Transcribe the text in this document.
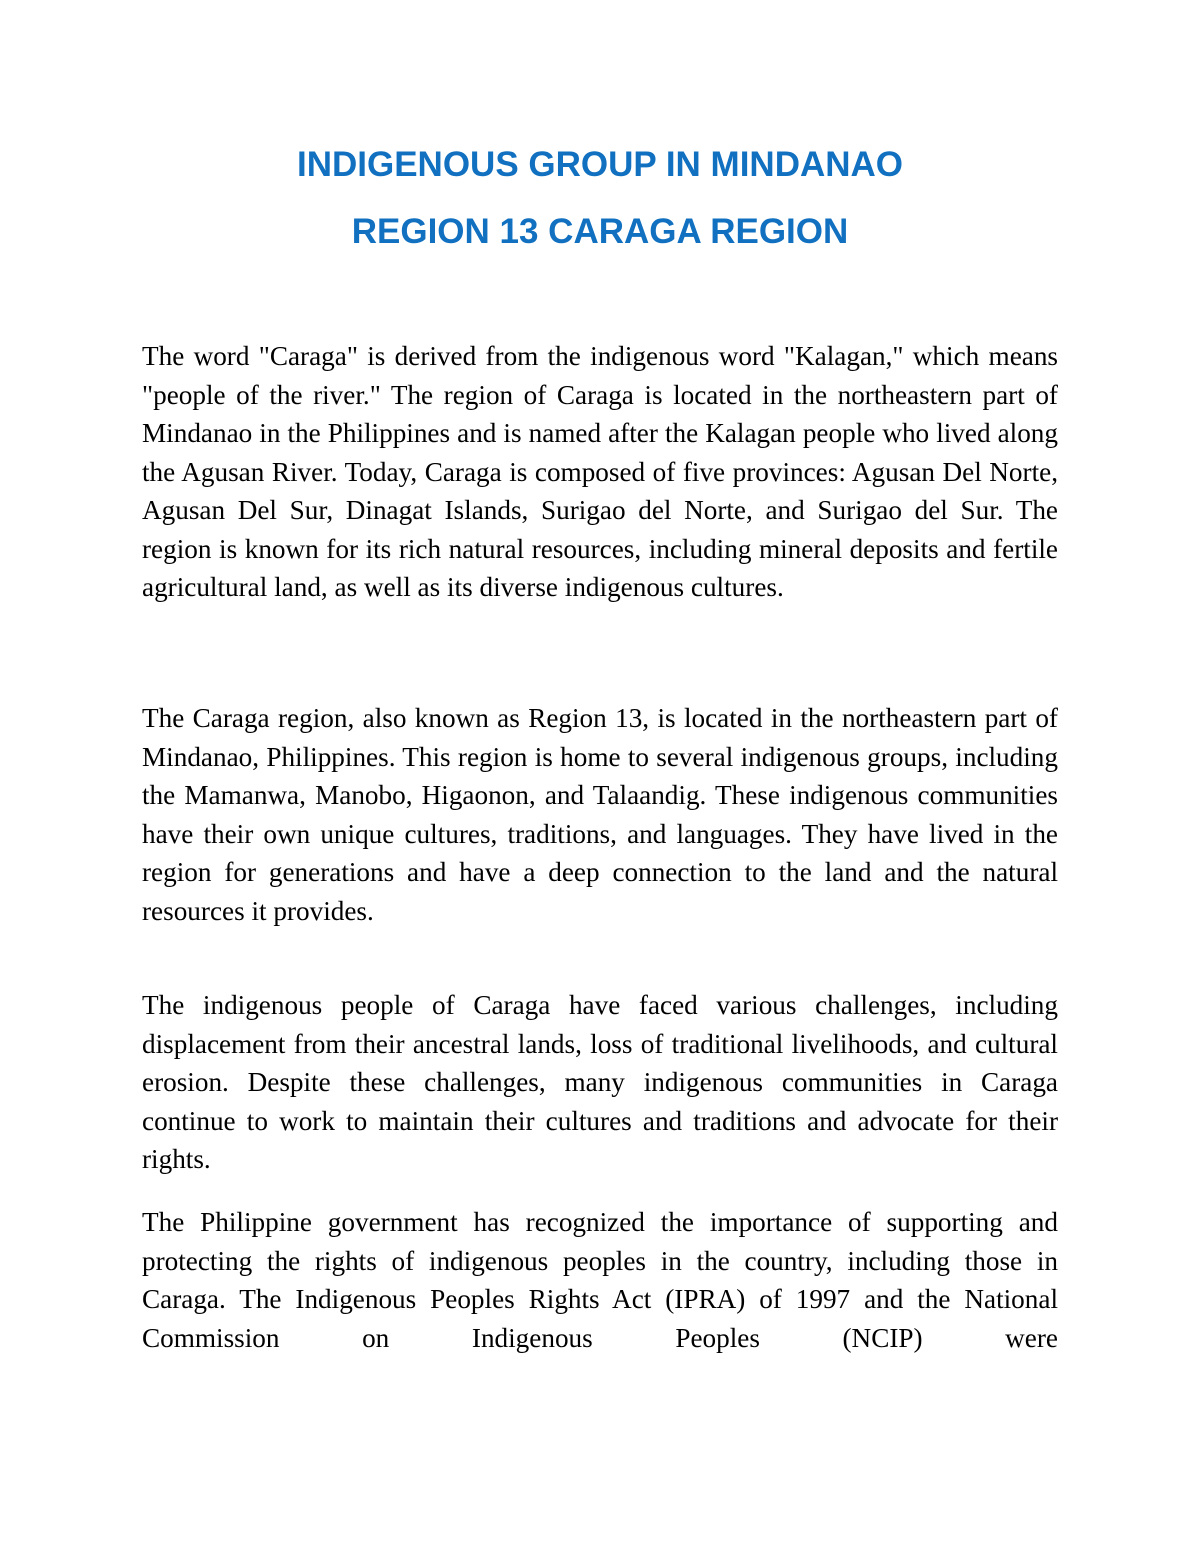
INDIGENOUS GROUP IN MINDANAO
REGION 13 CARAGA REGION

The word "Caraga" is derived from the indigenous word "Kalagan," which means "people of the river." The region of Caraga is located in the northeastern part of Mindanao in the Philippines and is named after the Kalagan people who lived along the Agusan River. Today, Caraga is composed of five provinces: Agusan Del Norte, Agusan Del Sur, Dinagat Islands, Surigao del Norte, and Surigao del Sur. The region is known for its rich natural resources, including mineral deposits and fertile agricultural land, as well as its diverse indigenous cultures.

The Caraga region, also known as Region 13, is located in the northeastern part of Mindanao, Philippines. This region is home to several indigenous groups, including the Mamanwa, Manobo, Higaonon, and Talaandig. These indigenous communities have their own unique cultures, traditions, and languages. They have lived in the region for generations and have a deep connection to the land and the natural resources it provides.

The indigenous people of Caraga have faced various challenges, including displacement from their ancestral lands, loss of traditional livelihoods, and cultural erosion. Despite these challenges, many indigenous communities in Caraga continue to work to maintain their cultures and traditions and advocate for their rights.

The Philippine government has recognized the importance of supporting and protecting the rights of indigenous peoples in the country, including those in Caraga. The Indigenous Peoples Rights Act (IPRA) of 1997 and the National Commission on Indigenous Peoples (NCIP) were
